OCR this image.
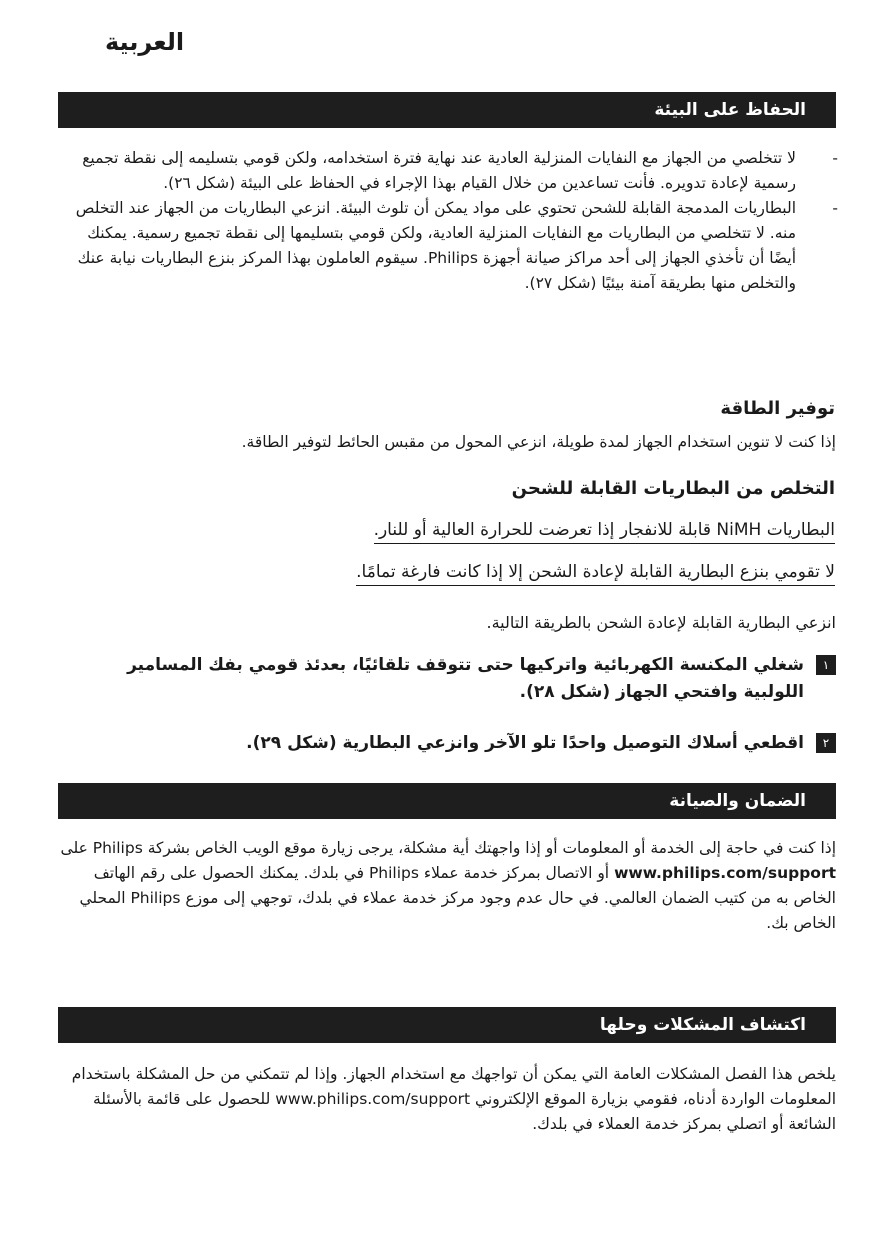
العربية
الحفاظ على البيئة
-
لا تتخلصي من الجهاز مع النفايات المنزلية العادية عند نهاية فترة استخدامه، ولكن قومي بتسليمه إلى نقطة تجميع رسمية لإعادة تدويره. فأنت تساعدين من خلال القيام بهذا الإجراء في الحفاظ على البيئة (شكل ٢٦).
-
البطاريات المدمجة القابلة للشحن تحتوي على مواد يمكن أن تلوث البيئة. انزعي البطاريات من الجهاز عند التخلص منه. لا تتخلصي من البطاريات مع النفايات المنزلية العادية، ولكن قومي بتسليمها إلى نقطة تجميع رسمية. يمكنك أيضًا أن تأخذي الجهاز إلى أحد مراكز صيانة أجهزة Philips. سيقوم العاملون بهذا المركز بنزع البطاريات نيابة عنك والتخلص منها بطريقة آمنة بيئيًا (شكل ٢٧).
توفير الطاقة
إذا كنت لا تنوين استخدام الجهاز لمدة طويلة، انزعي المحول من مقبس الحائط لتوفير الطاقة.
التخلص من البطاريات القابلة للشحن
البطاريات NiMH قابلة للانفجار إذا تعرضت للحرارة العالية أو للنار.
لا تقومي بنزع البطارية القابلة لإعادة الشحن إلا إذا كانت فارغة تمامًا.
انزعي البطارية القابلة لإعادة الشحن بالطريقة التالية.
١
شغلي المكنسة الكهربائية واتركيها حتى تتوقف تلقائيًا، بعدئذ قومي بفك المسامير اللولبية وافتحي الجهاز (شكل ٢٨).
٢
اقطعي أسلاك التوصيل واحدًا تلو الآخر وانزعي البطارية (شكل ٢٩).
الضمان والصيانة
إذا كنت في حاجة إلى الخدمة أو المعلومات أو إذا واجهتك أية مشكلة، يرجى زيارة موقع الويب الخاص بشركة Philips على www.philips.com/support أو الاتصال بمركز خدمة عملاء Philips في بلدك. يمكنك الحصول على رقم الهاتف الخاص به من كتيب الضمان العالمي. في حال عدم وجود مركز خدمة عملاء في بلدك، توجهي إلى موزع Philips المحلي الخاص بك.
اكتشاف المشكلات وحلها
يلخص هذا الفصل المشكلات العامة التي يمكن أن تواجهك مع استخدام الجهاز. وإذا لم تتمكني من حل المشكلة باستخدام المعلومات الواردة أدناه، فقومي بزيارة الموقع الإلكتروني www.philips.com/support للحصول على قائمة بالأسئلة الشائعة أو اتصلي بمركز خدمة العملاء في بلدك.
